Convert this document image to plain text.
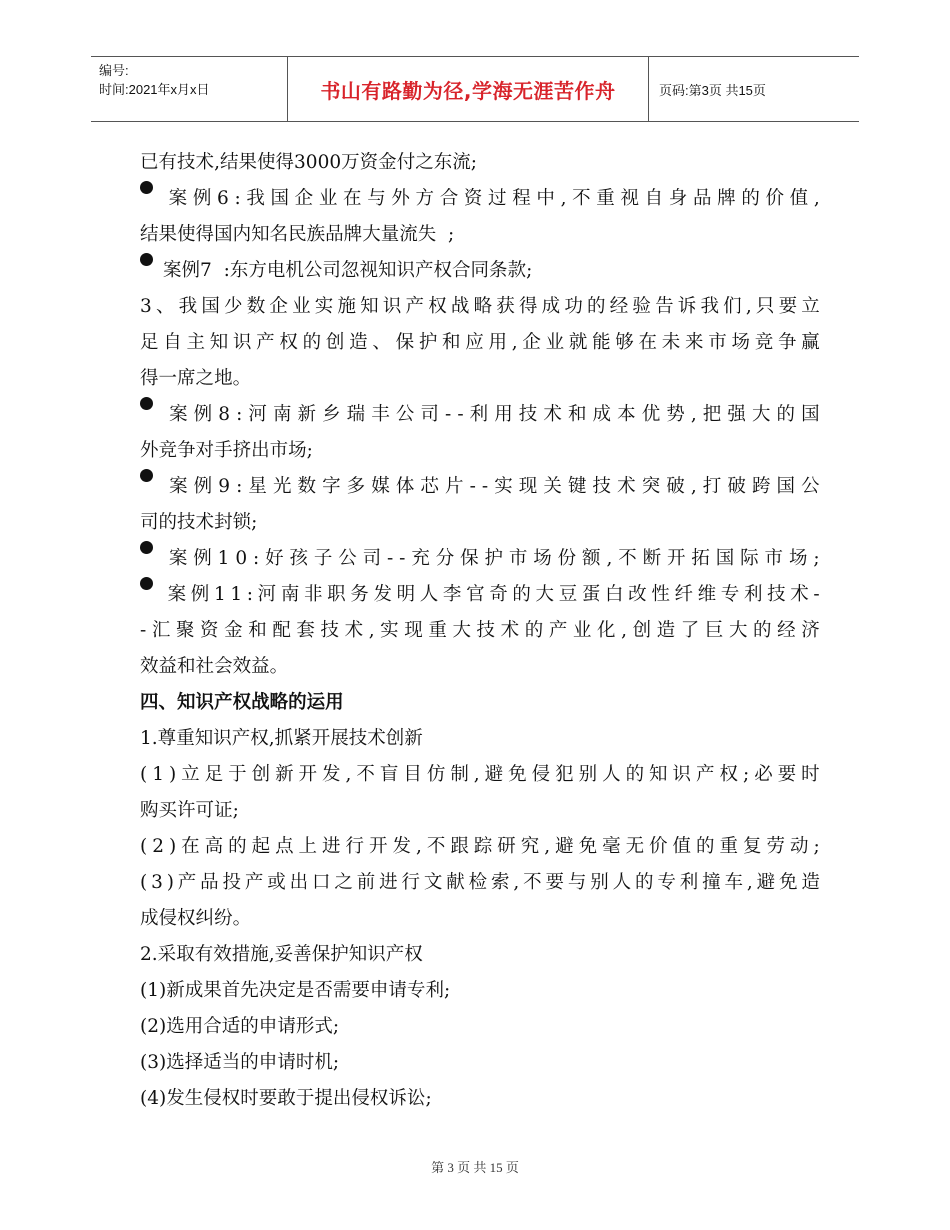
编号:
时间:2021年x月x日	书山有路勤为径,学海无涯苦作舟	页码:第3页 共15页
已 有 技 术 , 结 果 使 得 3 0 0 0 万 资 金 付 之 东 流 ;
案 例 6 : 我 国 企 业 在 与 外 方 合 资 过 程 中 , 不 重 视 自 身 品 牌 的 价 值 ,
结 果 使 得 国 内 知 名 民 族 品 牌 大 量 流 失

;
案 例 7

: 东 方 电 机 公 司 忽 视 知 识 产 权 合 同 条 款 ;
3 、 我 国 少 数 企 业 实 施 知 识 产 权 战 略 获 得 成 功 的 经 验 告 诉 我 们 , 只 要 立
足 自 主 知 识 产 权 的 创 造 、 保 护 和 应 用 , 企 业 就 能 够 在 未 来 市 场 竞 争 赢
得 一 席 之 地 。
案 例 8 : 河 南 新 乡 瑞 丰 公 司 - - 利 用 技 术 和 成 本 优 势 , 把 强 大 的 国
外 竞 争 对 手 挤 出 市 场 ;
案 例 9 : 星 光 数 字 多 媒 体 芯 片 - - 实 现 关 键 技 术 突 破 , 打 破 跨 国 公
司 的 技 术 封 锁 ;
案 例 1 0 : 好 孩 子 公 司 - - 充 分 保 护 市 场 份 额 , 不 断 开 拓 国 际 市 场 ;
案 例 1 1 : 河 南 非 职 务 发 明 人 李 官 奇 的 大 豆 蛋 白 改 性 纤 维 专 利 技 术 -
- 汇 聚 资 金 和 配 套 技 术 , 实 现 重 大 技 术 的 产 业 化 , 创 造 了 巨 大 的 经 济
效 益 和 社 会 效 益 。
四 、 知 识 产 权 战 略 的 运 用
1 . 尊 重 知 识 产 权 , 抓 紧 开 展 技 术 创 新
( 1 ) 立 足 于 创 新 开 发 , 不 盲 目 仿 制 , 避 免 侵 犯 别 人 的 知 识 产 权 ; 必 要 时
购 买 许 可 证 ;
( 2 ) 在 高 的 起 点 上 进 行 开 发 , 不 跟 踪 研 究 , 避 免 毫 无 价 值 的 重 复 劳 动 ;
( 3 ) 产 品 投 产 或 出 口 之 前 进 行 文 献 检 索 , 不 要 与 别 人 的 专 利 撞 车 , 避 免 造
成 侵 权 纠 纷 。
2 . 采 取 有 效 措 施 , 妥 善 保 护 知 识 产 权
( 1 ) 新 成 果 首 先 决 定 是 否 需 要 申 请 专 利 ;
( 2 ) 选 用 合 适 的 申 请 形 式 ;
( 3 ) 选 择 适 当 的 申 请 时 机 ;
( 4 ) 发 生 侵 权 时 要 敢 于 提 出 侵 权 诉 讼 ;
第 3 页 共 15 页
